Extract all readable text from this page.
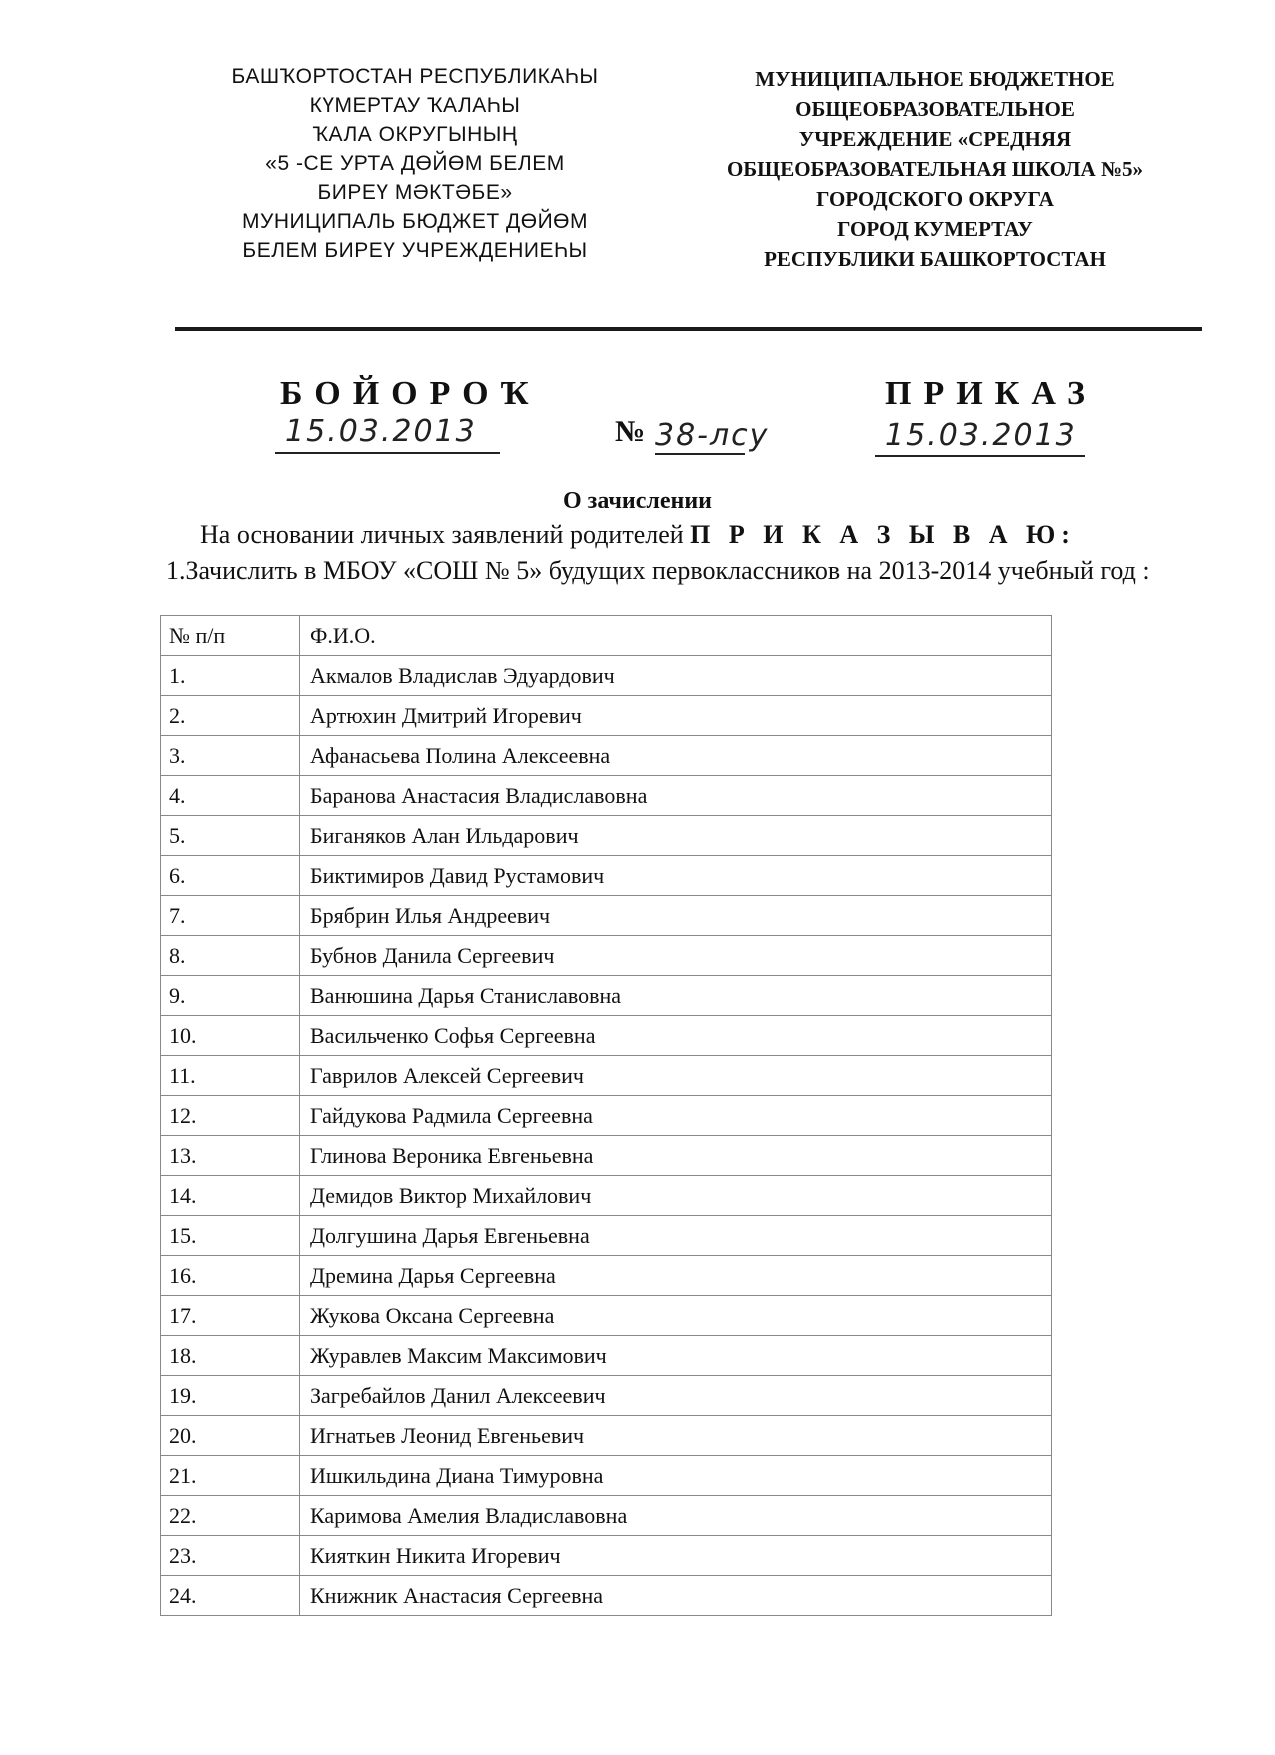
БАШҠОРТОСТАН РЕСПУБЛИКАҺЫ
КҮМЕРТАУ ҠАЛАҺЫ
ҠАЛА ОКРУГЫНЫҢ
«5 -СЕ УРТА ДӨЙӨМ БЕЛЕМ
БИРЕҮ МӘКТӘБЕ»
МУНИЦИПАЛЬ БЮДЖЕТ ДӨЙӨМ
БЕЛЕМ БИРЕҮ УЧРЕЖДЕНИЕҺЫ
МУНИЦИПАЛЬНОЕ БЮДЖЕТНОЕ
ОБЩЕОБРАЗОВАТЕЛЬНОЕ
УЧРЕЖДЕНИЕ «СРЕДНЯЯ
ОБЩЕОБРАЗОВАТЕЛЬНАЯ ШКОЛА №5»
ГОРОДСКОГО ОКРУГА
ГОРОД КУМЕРТАУ
РЕСПУБЛИКИ БАШКОРТОСТАН
БОЙОРОҠ	ПРИКАЗ
15.03.2013	№ 38-лсу	15.03.2013
О зачислении
На основании личных заявлений родителей П Р И К А З Ы В А Ю:
1.Зачислить в МБОУ «СОШ № 5» будущих первоклассников на 2013-2014 учебный год :
№ п/п	Ф.И.О.
1.	Акмалов Владислав Эдуардович
2.	Артюхин Дмитрий Игоревич
3.	Афанасьева Полина Алексеевна
4.	Баранова Анастасия Владиславовна
5.	Биганяков Алан Ильдарович
6.	Биктимиров Давид Рустамович
7.	Брябрин Илья Андреевич
8.	Бубнов Данила Сергеевич
9.	Ванюшина Дарья Станиславовна
10.	Васильченко Софья Сергеевна
11.	Гаврилов Алексей Сергеевич
12.	Гайдукова Радмила Сергеевна
13.	Глинова Вероника Евгеньевна
14.	Демидов Виктор Михайлович
15.	Долгушина Дарья Евгеньевна
16.	Дремина Дарья Сергеевна
17.	Жукова Оксана Сергеевна
18.	Журавлев Максим Максимович
19.	Загребайлов Данил Алексеевич
20.	Игнатьев Леонид Евгеньевич
21.	Ишкильдина Диана Тимуровна
22.	Каримова Амелия Владиславовна
23.	Кияткин Никита Игоревич
24.	Книжник Анастасия Сергеевна
